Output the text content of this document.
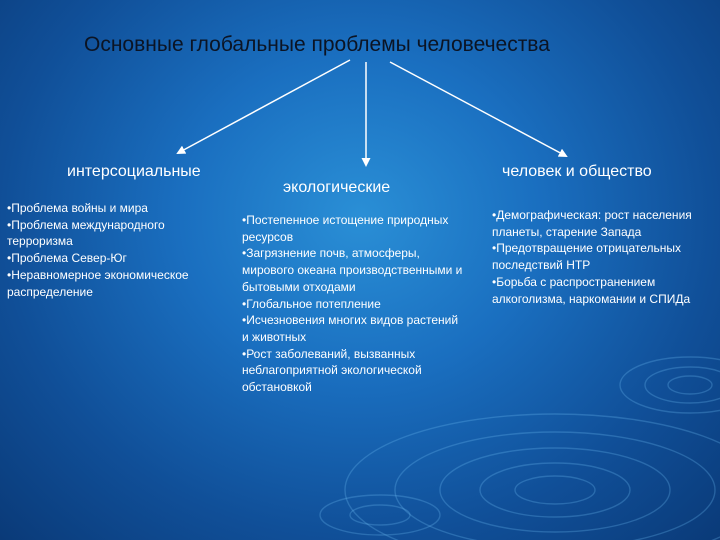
Основные глобальные проблемы человечества
интерсоциальные
экологические
человек и общество
•Проблема войны и мира
•Проблема международного терроризма
•Проблема Север-Юг
•Неравномерное экономическое распределение
•Постепенное истощение природных ресурсов
•Загрязнение почв, атмосферы, мирового океана производственными и бытовыми отходами
•Глобальное потепление
•Исчезновения многих видов растений и животных
•Рост заболеваний, вызванных неблагоприятной экологической обстановкой
•Демографическая: рост населения планеты, старение Запада
•Предотвращение отрицательных последствий НТР
•Борьба с распространением алкоголизма, наркомании и СПИДа
